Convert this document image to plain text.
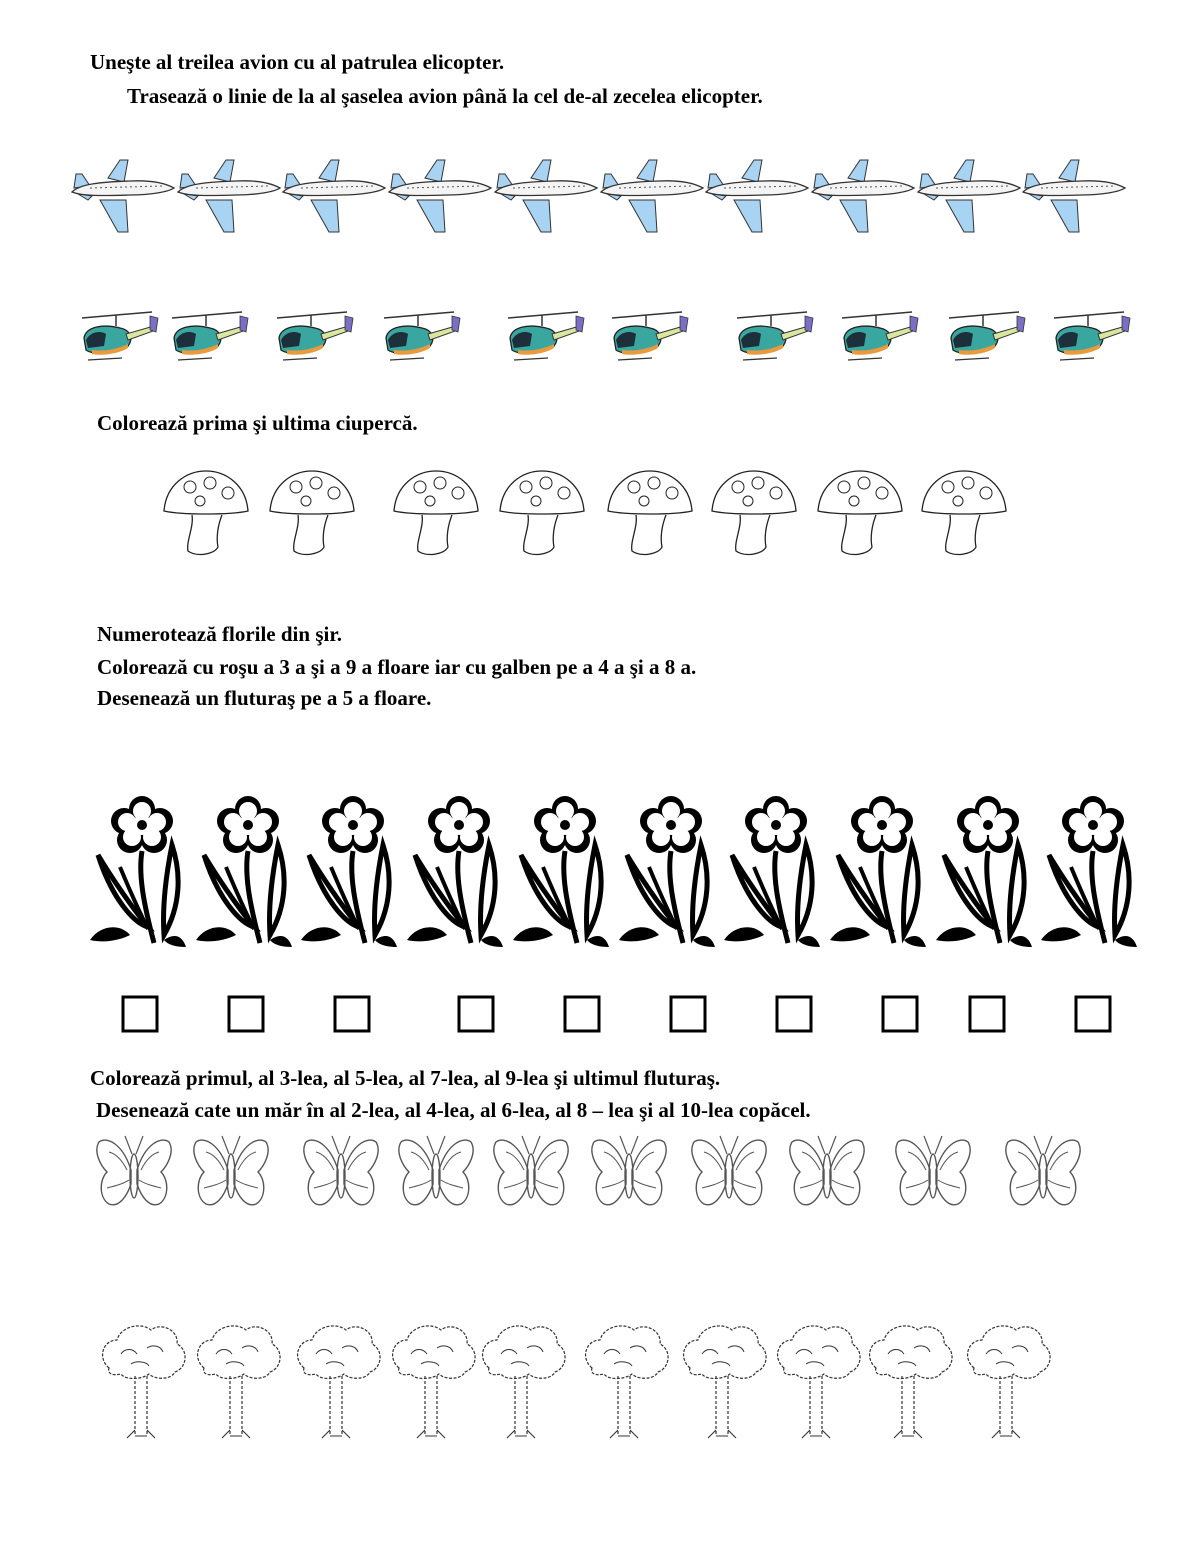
Uneşte al treilea avion cu al patrulea elicopter.
Trasează o linie de la al şaselea avion până la cel de-al zecelea elicopter.
Colorează prima şi ultima ciupercă.
Numerotează florile din şir.
Colorează cu roşu a 3 a şi a 9 a floare iar cu galben pe a 4 a şi a 8 a.
Desenează un fluturaş pe a 5 a floare.
Colorează primul, al 3-lea, al 5-lea, al 7-lea, al 9-lea şi ultimul fluturaş.
Desenează cate un măr în al 2-lea, al 4-lea, al 6-lea, al 8 – lea şi al 10-lea copăcel.
